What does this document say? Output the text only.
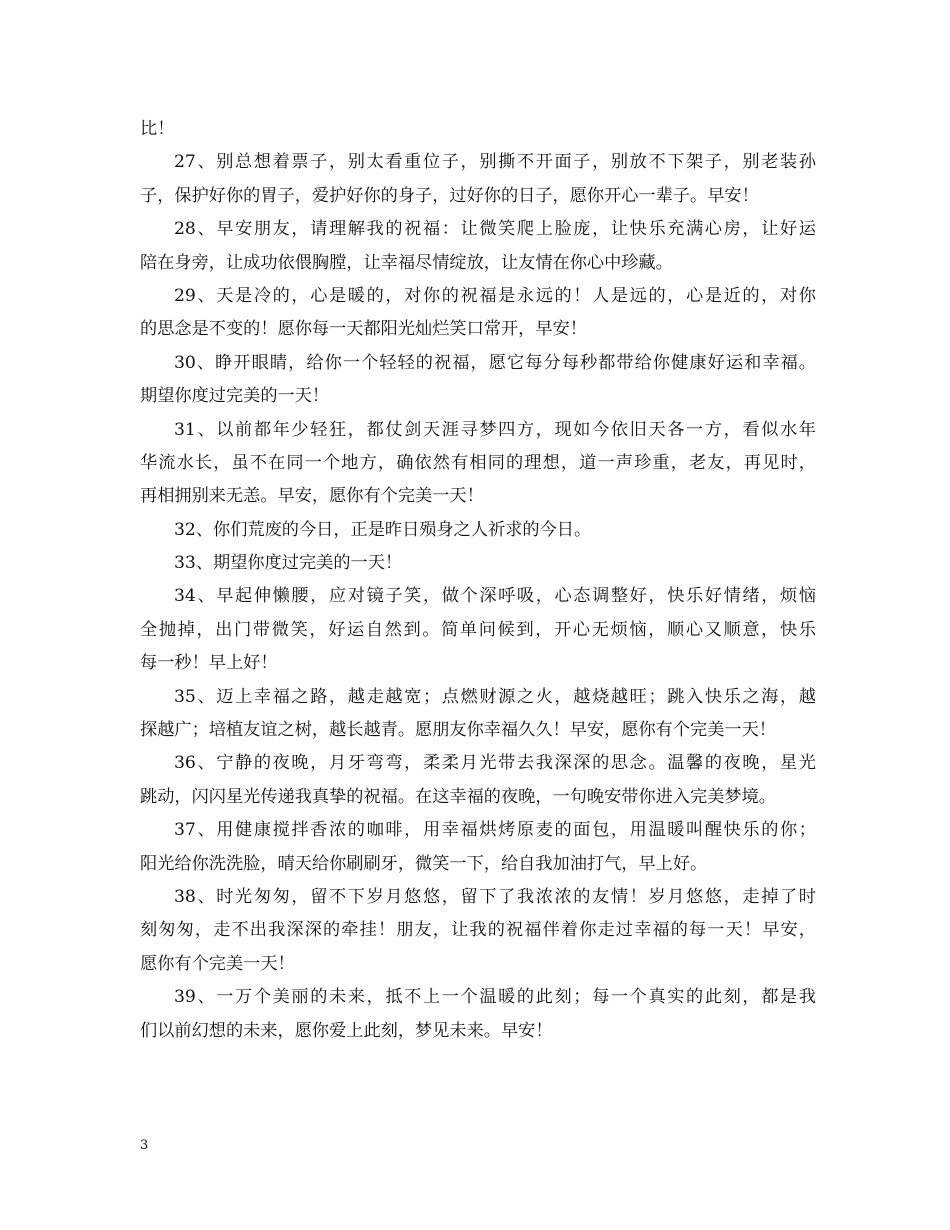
比！
27、别总想着票子，别太看重位子，别撕不开面子，别放不下架子，别老装孙
子，保护好你的胃子，爱护好你的身子，过好你的日子，愿你开心一辈子。早安！
28、早安朋友，请理解我的祝福：让微笑爬上脸庞，让快乐充满心房，让好运
陪在身旁，让成功依偎胸膛，让幸福尽情绽放，让友情在你心中珍藏。
29、天是冷的，心是暖的，对你的祝福是永远的！人是远的，心是近的，对你
的思念是不变的！愿你每一天都阳光灿烂笑口常开，早安！
30、睁开眼睛，给你一个轻轻的祝福，愿它每分每秒都带给你健康好运和幸福。
期望你度过完美的一天！
31、以前都年少轻狂，都仗剑天涯寻梦四方，现如今依旧天各一方，看似水年
华流水长，虽不在同一个地方，确依然有相同的理想，道一声珍重，老友，再见时，
再相拥别来无恙。早安，愿你有个完美一天！
32、你们荒废的今日，正是昨日殒身之人祈求的今日。
33、期望你度过完美的一天！
34、早起伸懒腰，应对镜子笑，做个深呼吸，心态调整好，快乐好情绪，烦恼
全抛掉，出门带微笑，好运自然到。简单问候到，开心无烦恼，顺心又顺意，快乐
每一秒！早上好！
35、迈上幸福之路，越走越宽；点燃财源之火，越烧越旺；跳入快乐之海，越
探越广；培植友谊之树，越长越青。愿朋友你幸福久久！早安，愿你有个完美一天！
36、宁静的夜晚，月牙弯弯，柔柔月光带去我深深的思念。温馨的夜晚，星光
跳动，闪闪星光传递我真挚的祝福。在这幸福的夜晚，一句晚安带你进入完美梦境。
37、用健康搅拌香浓的咖啡，用幸福烘烤原麦的面包，用温暖叫醒快乐的你；
阳光给你洗洗脸，晴天给你刷刷牙，微笑一下，给自我加油打气，早上好。
38、时光匆匆，留不下岁月悠悠，留下了我浓浓的友情！岁月悠悠，走掉了时
刻匆匆，走不出我深深的牵挂！朋友，让我的祝福伴着你走过幸福的每一天！早安，
愿你有个完美一天！
39、一万个美丽的未来，抵不上一个温暖的此刻；每一个真实的此刻，都是我
们以前幻想的未来，愿你爱上此刻，梦见未来。早安！
3
